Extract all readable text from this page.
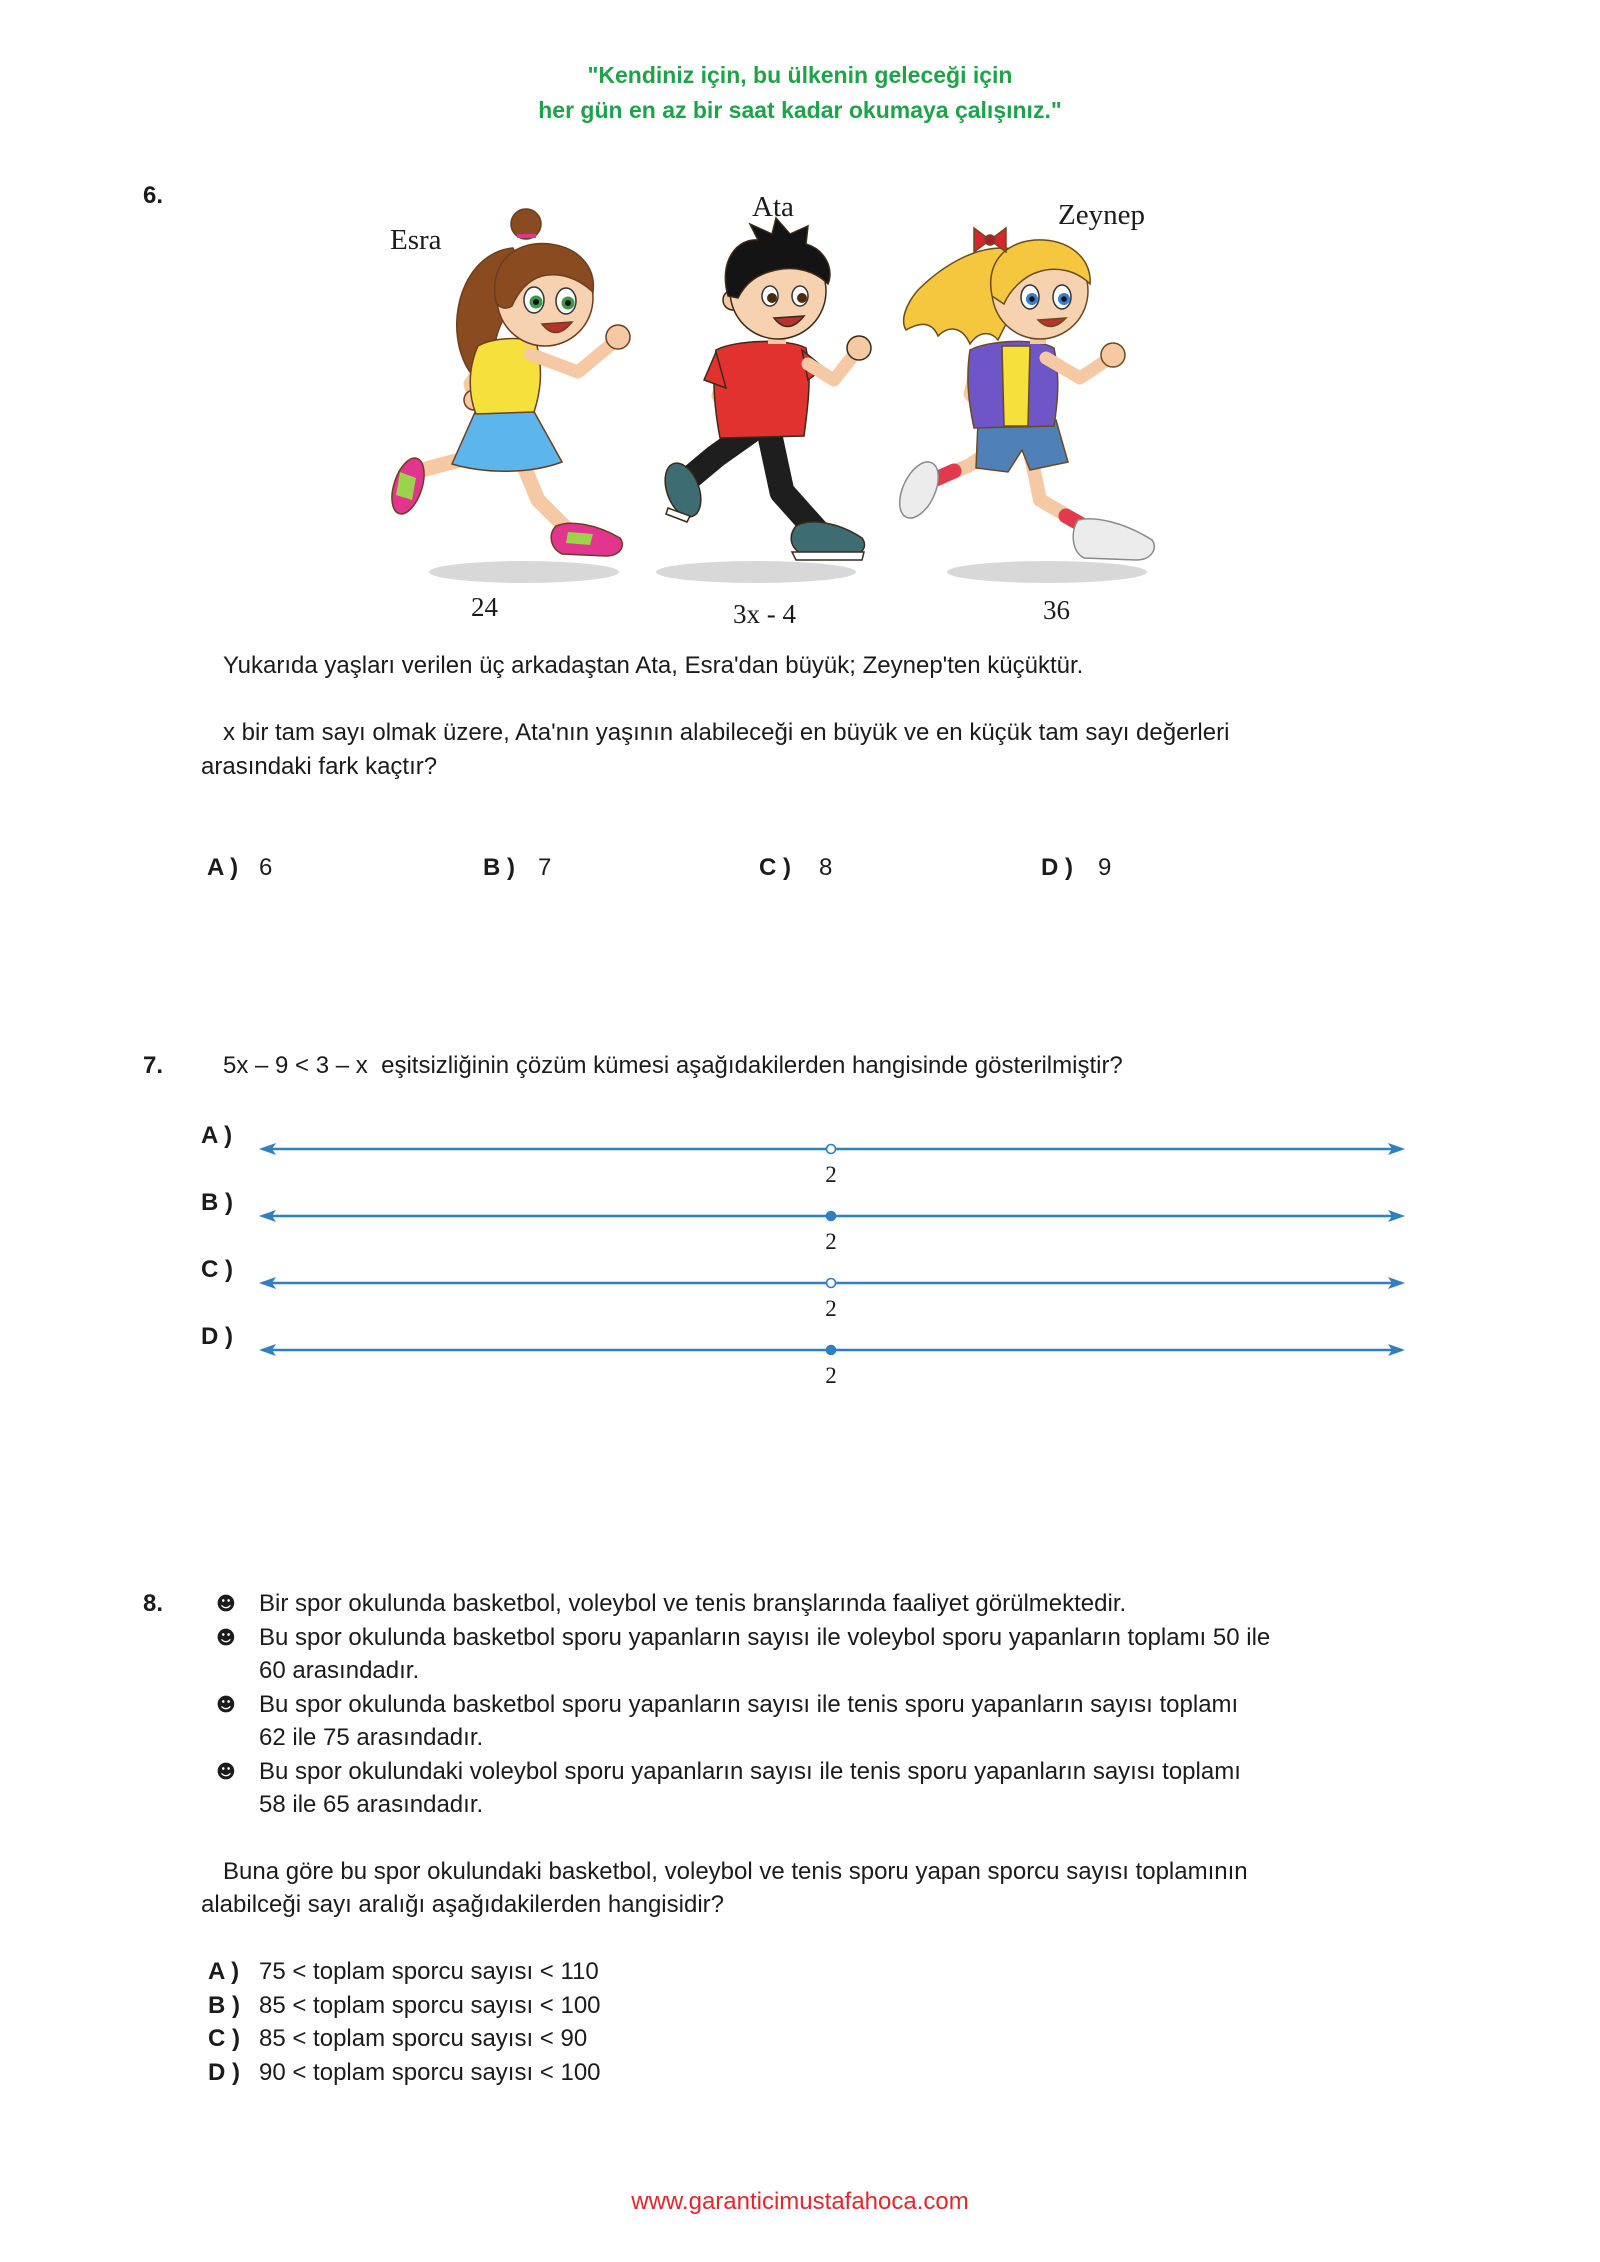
"Kendiniz için, bu ülkenin geleceği için
her gün en az bir saat kadar okumaya çalışınız."
6.
Esra
Ata	Zeynep
24	3x - 4	36
Yukarıda yaşları verilen üç arkadaştan Ata, Esra'dan büyük; Zeynep'ten küçüktür.
x bir tam sayı olmak üzere, Ata'nın yaşının alabileceği en büyük ve en küçük tam sayı değerleri
arasındaki fark kaçtır?
A ) 6	B ) 7	C ) 8	D ) 9
7. 5x – 9 < 3 – x  eşitsizliğinin çözüm kümesi aşağıdakilerden hangisinde gösterilmiştir?
A )
B )
C )
D )
2
2
2
2
8.	☻ Bir spor okulunda basketbol, voleybol ve tenis branşlarında faaliyet görülmektedir.
☻ Bu spor okulunda basketbol sporu yapanların sayısı ile voleybol sporu yapanların toplamı 50 ile
60 arasındadır.
☻ Bu spor okulunda basketbol sporu yapanların sayısı ile tenis sporu yapanların sayısı toplamı
62 ile 75 arasındadır.
☻ Bu spor okulundaki voleybol sporu yapanların sayısı ile tenis sporu yapanların sayısı toplamı
58 ile 65 arasındadır.
Buna göre bu spor okulundaki basketbol, voleybol ve tenis sporu yapan sporcu sayısı toplamının
alabilceği sayı aralığı aşağıdakilerden hangisidir?
A ) 75 < toplam sporcu sayısı < 110
B ) 85 < toplam sporcu sayısı < 100
C ) 85 < toplam sporcu sayısı < 90
D ) 90 < toplam sporcu sayısı < 100
www.garanticimustafahoca.com
